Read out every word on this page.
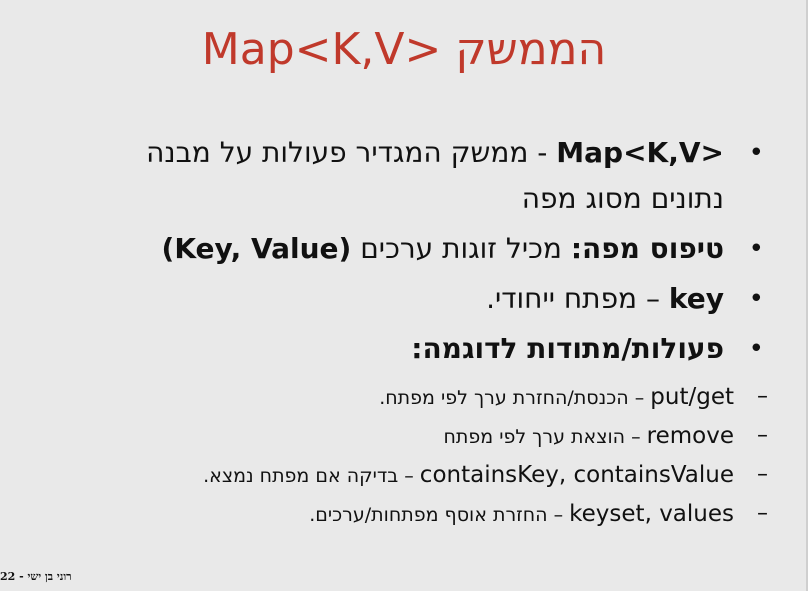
הממשק Map<K,V>
•
Map<K,V> - ממשק המגדיר פעולות על מבנה
נתונים מסוג מפה
•
טיפוס מפה: מכיל זוגות ערכים (Key, Value)
•
key – מפתח ייחודי.
•
פעולות/מתודות לדוגמה:
–
put/get – הכנסת/החזרת ערך לפי מפתח.
–
remove – הוצאת ערך לפי מפתח
–
containsKey, containsValue – בדיקה אם מפתח נמצא.
–
keyset, values – החזרת אוסף מפתחות/ערכים.
רוני בן ישי - 22
